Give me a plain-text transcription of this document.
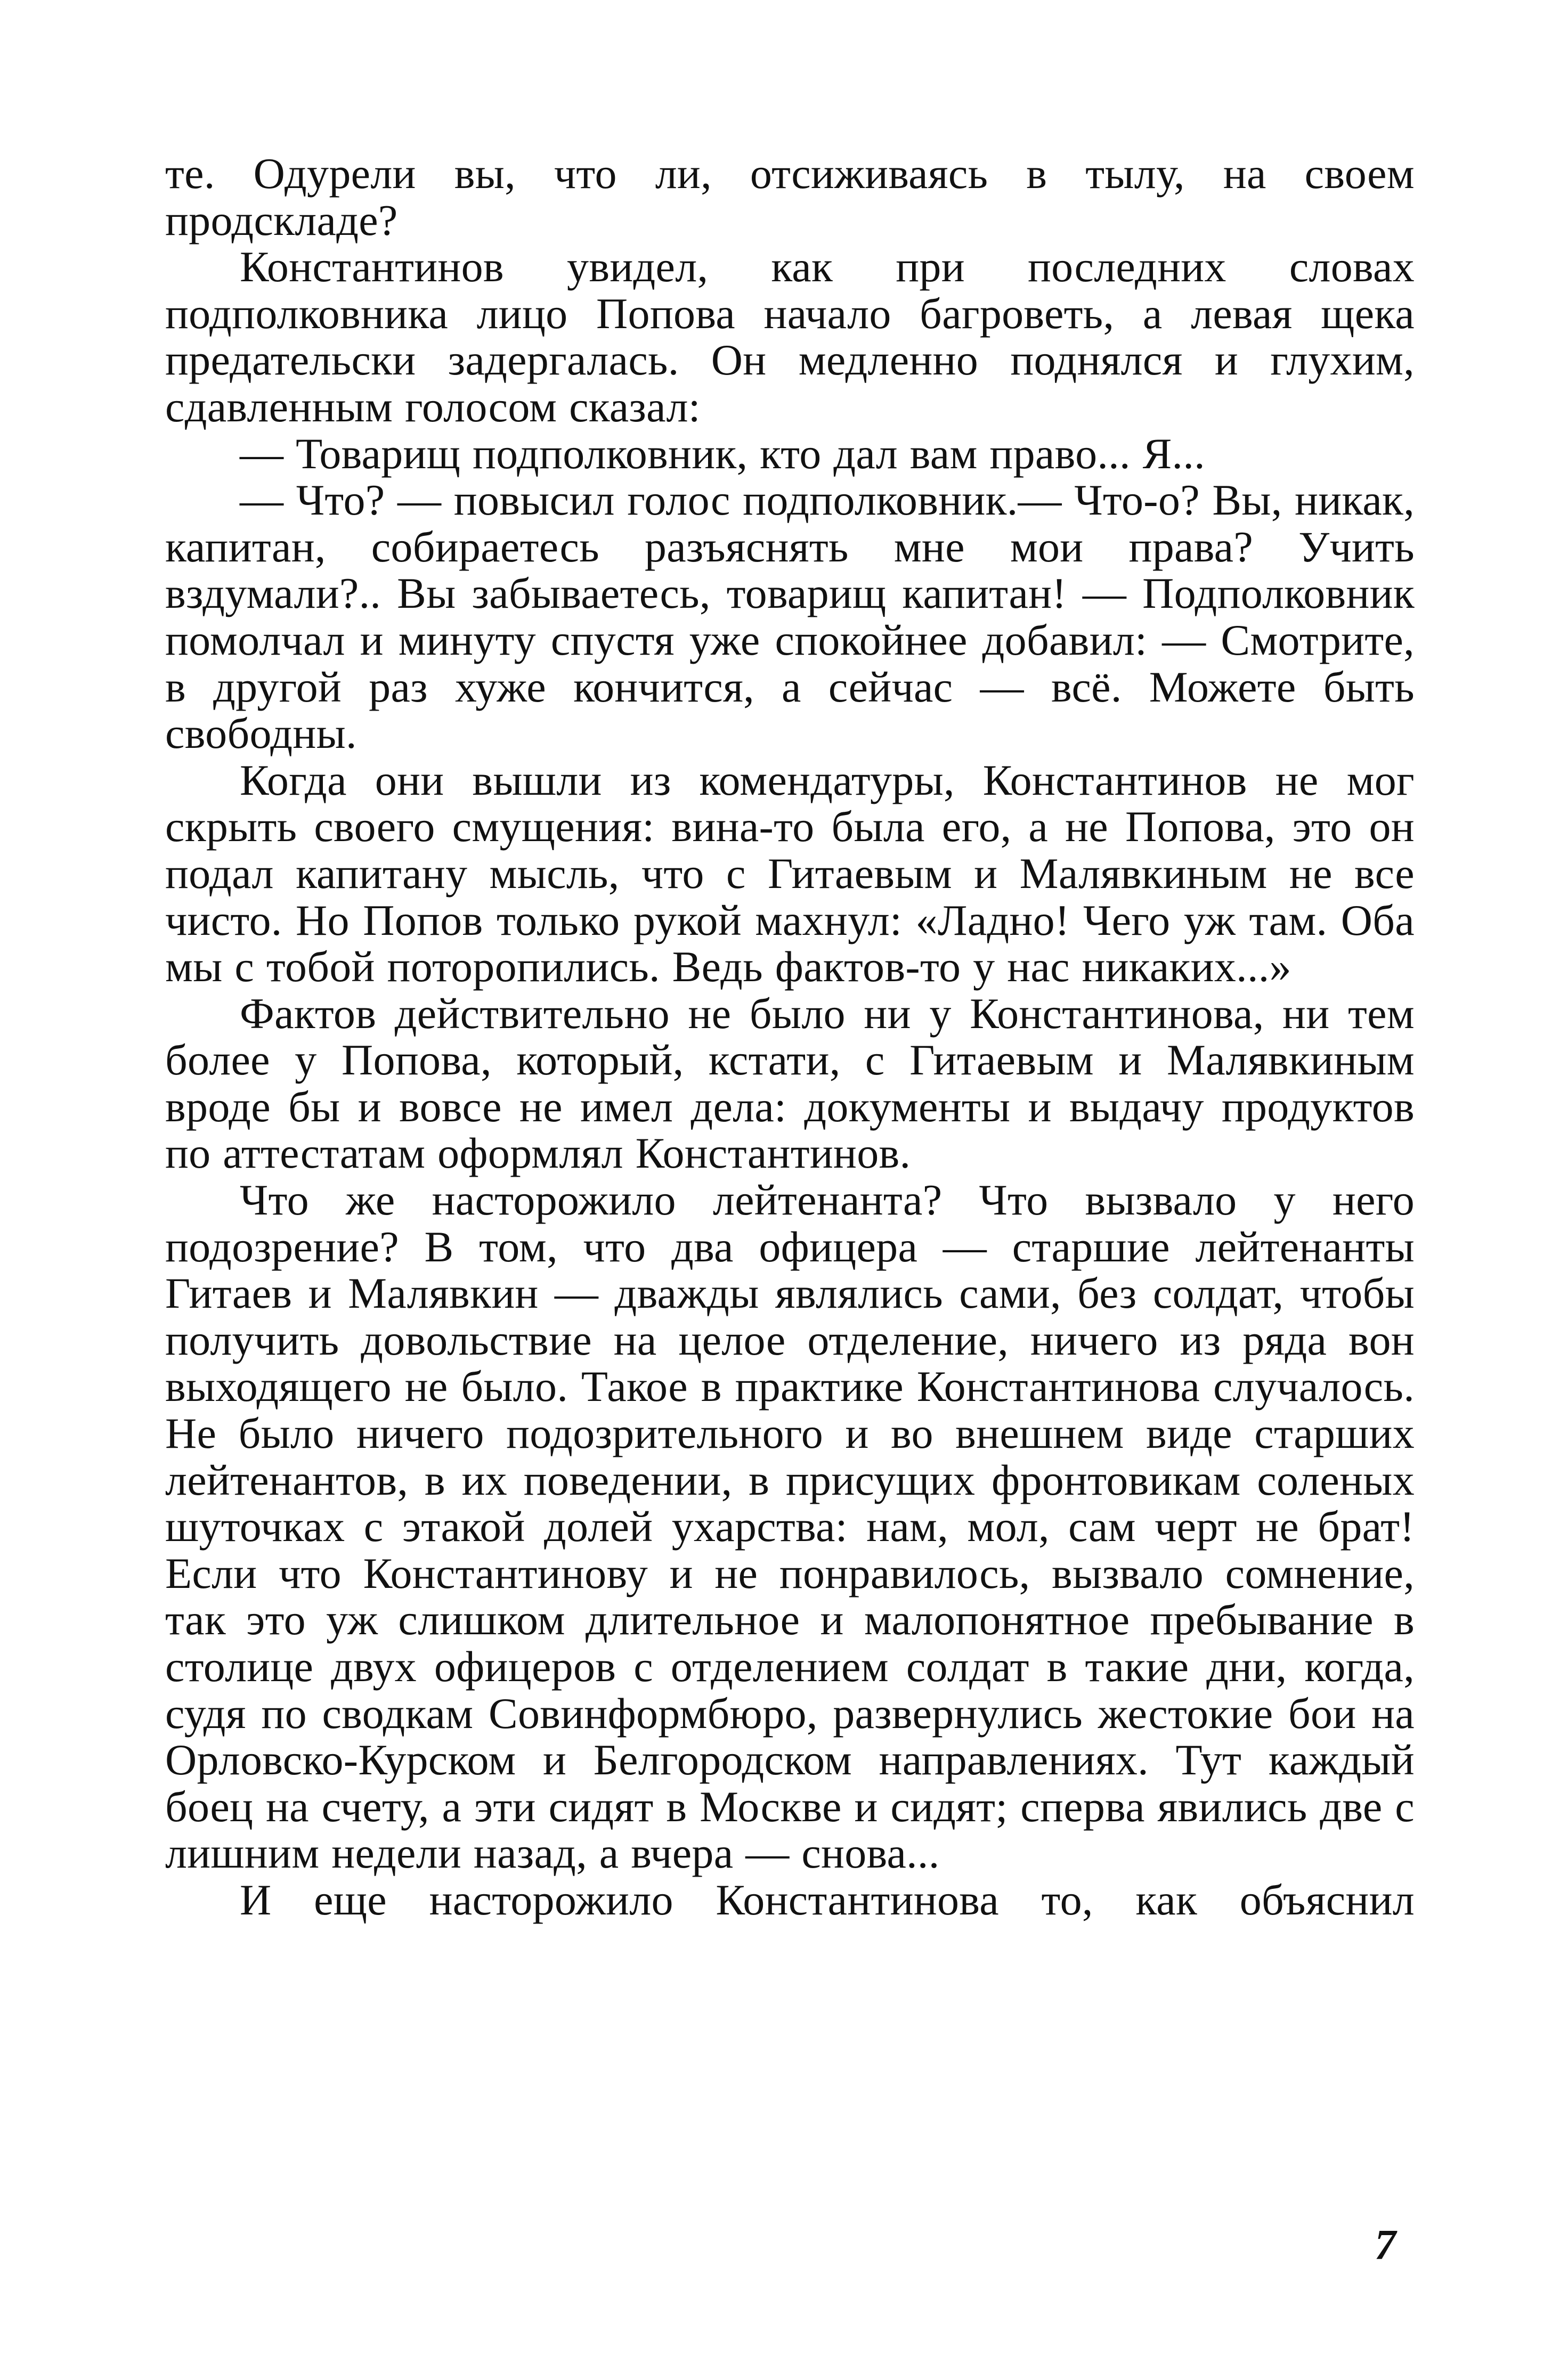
те. Одурели вы, что ли, отсиживаясь в тылу, на своем продскладе?

Константинов увидел, как при последних словах подполковника лицо Попова начало багроветь, а левая щека предательски задергалась. Он медленно поднялся и глухим, сдавленным голосом сказал:

— Товарищ подполковник, кто дал вам право... Я...

— Что? — повысил голос подполковник.— Что-о? Вы, никак, капитан, собираетесь разъяснять мне мои права? Учить вздумали?.. Вы забываетесь, товарищ капитан! — Подполковник помолчал и минуту спустя уже спокойнее добавил: — Смотрите, в другой раз хуже кончится, а сейчас — всё. Можете быть свободны.

Когда они вышли из комендатуры, Константинов не мог скрыть своего смущения: вина-то была его, а не Попова, это он подал капитану мысль, что с Гитаевым и Малявкиным не все чисто. Но Попов только рукой махнул: «Ладно! Чего уж там. Оба мы с тобой поторопились. Ведь фактов-то у нас никаких...»

Фактов действительно не было ни у Константинова, ни тем более у Попова, который, кстати, с Гитаевым и Малявкиным вроде бы и вовсе не имел дела: документы и выдачу продуктов по аттестатам оформлял Константинов.

Что же насторожило лейтенанта? Что вызвало у него подозрение? В том, что два офицера — старшие лейтенанты Гитаев и Малявкин — дважды являлись сами, без солдат, чтобы получить довольствие на целое отделение, ничего из ряда вон выходящего не было. Такое в практике Константинова случалось. Не было ничего подозрительного и во внешнем виде старших лейтенантов, в их поведении, в присущих фронтовикам соленых шуточках с этакой долей ухарства: нам, мол, сам черт не брат! Если что Константинову и не понравилось, вызвало сомнение, так это уж слишком длительное и малопонятное пребывание в столице двух офицеров с отделением солдат в такие дни, когда, судя по сводкам Совинформбюро, развернулись жестокие бои на Орловско-Курском и Белгородском направлениях. Тут каждый боец на счету, а эти сидят в Москве и сидят; сперва явились две с лишним недели назад, а вчера — снова...

И еще насторожило Константинова то, как объяснил

7
